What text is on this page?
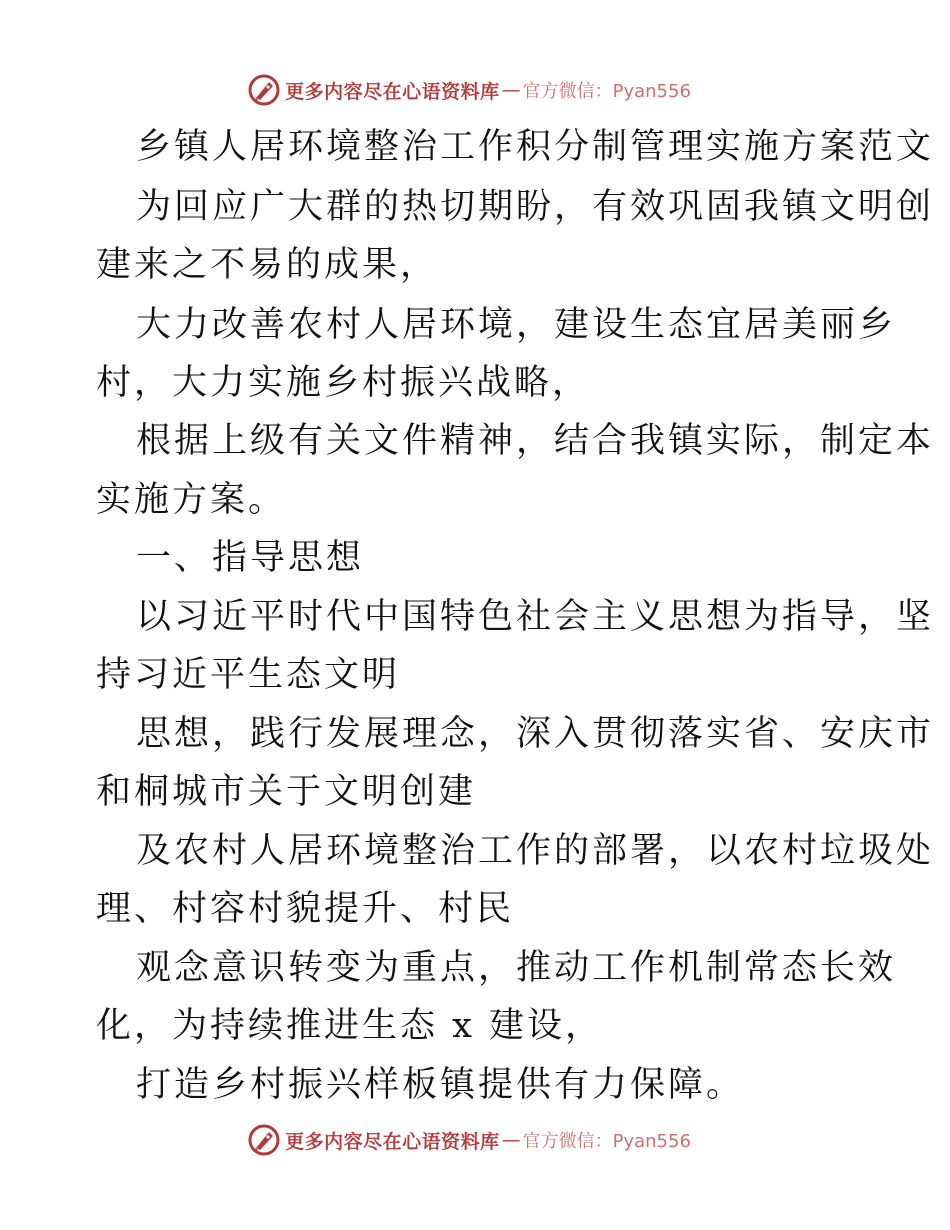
更多内容尽在心语资料库 — 官方微信：Pyan556
乡镇人居环境整治工作积分制管理实施方案范文
为回应广大群的热切期盼，有效巩固我镇文明创
建来之不易的成果，
大力改善农村人居环境，建设生态宜居美丽乡
村，大力实施乡村振兴战略，
根据上级有关文件精神，结合我镇实际，制定本
实施方案。
一、指导思想
以习近平时代中国特色社会主义思想为指导，坚
持习近平生态文明
思想，践行发展理念，深入贯彻落实省、安庆市
和桐城市关于文明创建
及农村人居环境整治工作的部署，以农村垃圾处
理、村容村貌提升、村民
观念意识转变为重点，推动工作机制常态长效
化，为持续推进生态 x 建设，
打造乡村振兴样板镇提供有力保障。
更多内容尽在心语资料库 — 官方微信：Pyan556
